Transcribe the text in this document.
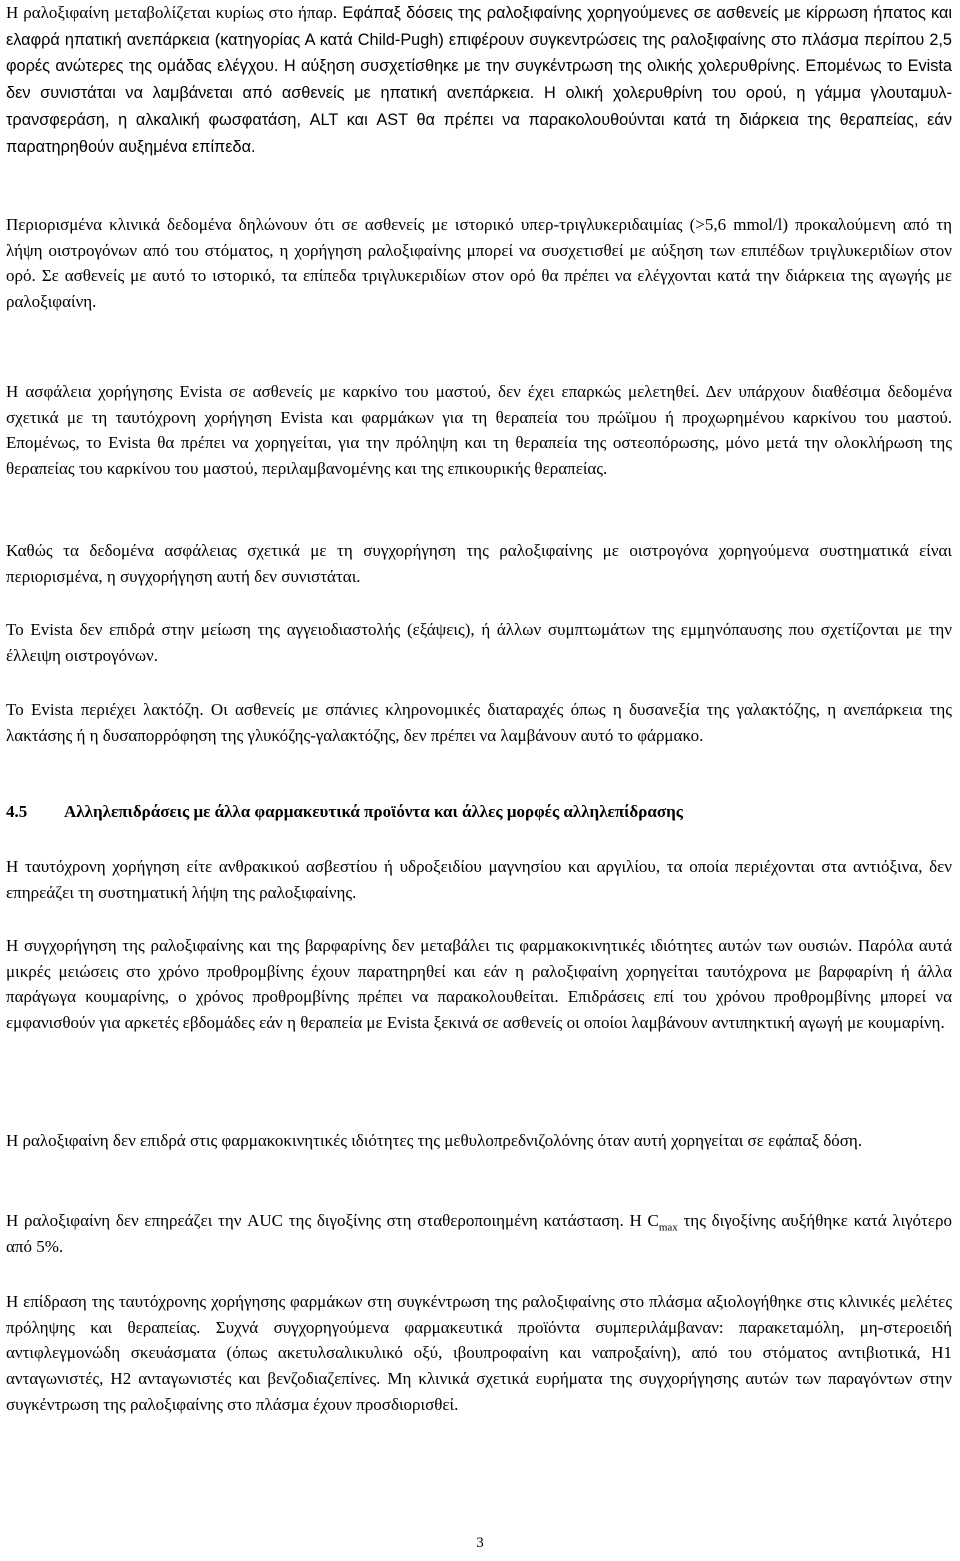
Η ραλοξιφαίνη μεταβολίζεται κυρίως στο ήπαρ. Εφάπαξ δόσεις της ραλοξιφαίνης χορηγούμενες σε ασθενείς με κίρρωση ήπατος και ελαφρά ηπατική ανεπάρκεια (κατηγορίας Α κατά Child-Pugh) επιφέρουν συγκεντρώσεις της ραλοξιφαίνης στο πλάσμα περίπου 2,5 φορές ανώτερες της ομάδας ελέγχου. Η αύξηση συσχετίσθηκε με την συγκέντρωση της ολικής χολερυθρίνης. Επομένως το Evista δεν συνιστάται να λαμβάνεται από ασθενείς με ηπατική ανεπάρκεια. Η ολική χολερυθρίνη του ορού, η γάμμα γλουταμυλ-τρανσφεράση, η αλκαλική φωσφατάση, ALT και AST θα πρέπει να παρακολουθούνται κατά τη διάρκεια της θεραπείας, εάν παρατηρηθούν αυξημένα επίπεδα.

Περιορισμένα κλινικά δεδομένα δηλώνουν ότι σε ασθενείς με ιστορικό υπερ-τριγλυκεριδαιμίας (>5,6 mmol/l) προκαλούμενη από τη λήψη οιστρογόνων από του στόματος, η χορήγηση ραλοξιφαίνης μπορεί να συσχετισθεί με αύξηση των επιπέδων τριγλυκεριδίων στον ορό. Σε ασθενείς με αυτό το ιστορικό, τα επίπεδα τριγλυκεριδίων στον ορό θα πρέπει να ελέγχονται κατά την διάρκεια της αγωγής με ραλοξιφαίνη.

Η ασφάλεια χορήγησης Evista σε ασθενείς με καρκίνο του μαστού, δεν έχει επαρκώς μελετηθεί. Δεν υπάρχουν διαθέσιμα δεδομένα σχετικά με τη ταυτόχρονη χορήγηση Evista και φαρμάκων για τη θεραπεία του πρώϊμου ή προχωρημένου καρκίνου του μαστού. Επομένως, το Evista θα πρέπει να χορηγείται, για την πρόληψη και τη θεραπεία της οστεοπόρωσης, μόνο μετά την ολοκλήρωση της θεραπείας του καρκίνου του μαστού, περιλαμβανομένης και της επικουρικής θεραπείας.

Καθώς τα δεδομένα ασφάλειας σχετικά με τη συγχορήγηση της ραλοξιφαίνης με οιστρογόνα χορηγούμενα συστηματικά είναι περιορισμένα, η συγχορήγηση αυτή δεν συνιστάται.

Το Evista δεν επιδρά στην μείωση της αγγειοδιαστολής (εξάψεις), ή άλλων συμπτωμάτων της εμμηνόπαυσης που σχετίζονται με την έλλειψη οιστρογόνων.

Το Evista περιέχει λακτόζη. Οι ασθενείς με σπάνιες κληρονομικές διαταραχές όπως η δυσανεξία της γαλακτόζης, η ανεπάρκεια της λακτάσης ή η δυσαπορρόφηση της γλυκόζης-γαλακτόζης, δεν πρέπει να λαμβάνουν αυτό το φάρμακο.

4.5 Αλληλεπιδράσεις με άλλα φαρμακευτικά προϊόντα και άλλες μορφές αλληλεπίδρασης

Η ταυτόχρονη χορήγηση είτε ανθρακικού ασβεστίου ή υδροξειδίου μαγνησίου και αργιλίου, τα οποία περιέχονται στα αντιόξινα, δεν επηρεάζει τη συστηματική λήψη της ραλοξιφαίνης.

Η συγχορήγηση της ραλοξιφαίνης και της βαρφαρίνης δεν μεταβάλει τις φαρμακοκινητικές ιδιότητες αυτών των ουσιών. Παρόλα αυτά μικρές μειώσεις στο χρόνο προθρομβίνης έχουν παρατηρηθεί και εάν η ραλοξιφαίνη χορηγείται ταυτόχρονα με βαρφαρίνη ή άλλα παράγωγα κουμαρίνης, ο χρόνος προθρομβίνης πρέπει να παρακολουθείται. Επιδράσεις επί του χρόνου προθρομβίνης μπορεί να εμφανισθούν για αρκετές εβδομάδες εάν η θεραπεία με Evista ξεκινά σε ασθενείς οι οποίοι λαμβάνουν αντιπηκτική αγωγή με κουμαρίνη.

Η ραλοξιφαίνη δεν επιδρά στις φαρμακοκινητικές ιδιότητες της μεθυλοπρεδνιζολόνης όταν αυτή χορηγείται σε εφάπαξ δόση.

Η ραλοξιφαίνη δεν επηρεάζει την AUC της διγοξίνης στη σταθεροποιημένη κατάσταση. Η $C_{max}$ της διγοξίνης αυξήθηκε κατά λιγότερο από 5%.

Η επίδραση της ταυτόχρονης χορήγησης φαρμάκων στη συγκέντρωση της ραλοξιφαίνης στο πλάσμα αξιολογήθηκε στις κλινικές μελέτες πρόληψης και θεραπείας. Συχνά συγχορηγούμενα φαρμακευτικά προϊόντα συμπεριλάμβαναν: παρακεταμόλη, μη-στεροειδή αντιφλεγμονώδη σκευάσματα (όπως ακετυλσαλικυλικό οξύ, ιβουπροφαίνη και ναπροξαίνη), από του στόματος αντιβιοτικά, Η1 ανταγωνιστές, Η2 ανταγωνιστές και βενζοδιαζεπίνες. Μη κλινικά σχετικά ευρήματα της συγχορήγησης αυτών των παραγόντων στην συγκέντρωση της ραλοξιφαίνης στο πλάσμα έχουν προσδιορισθεί.

3
